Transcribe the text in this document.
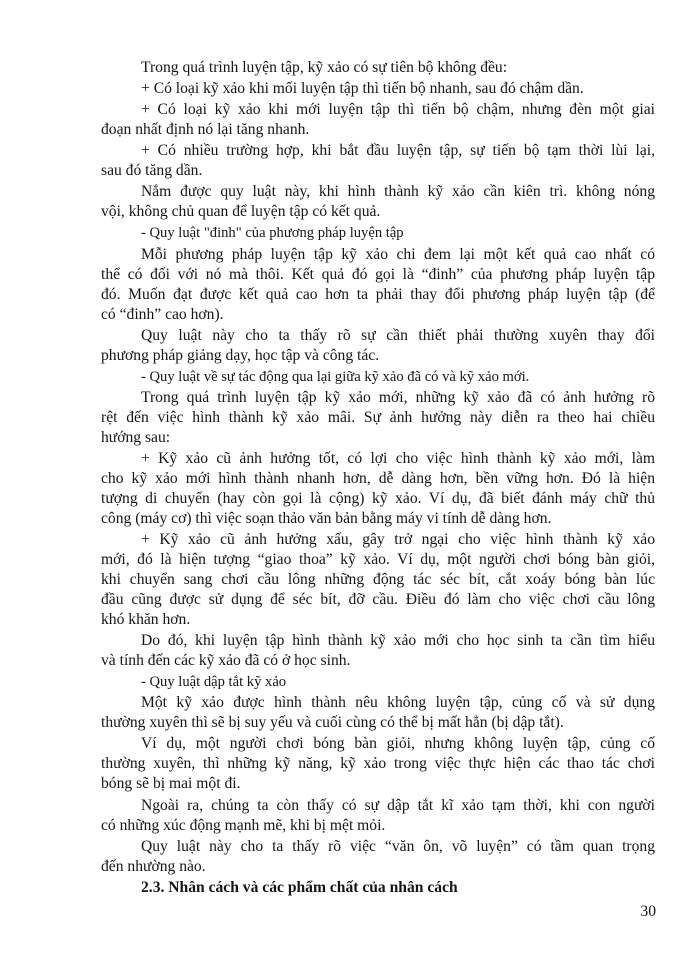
Trong quá trình luyện tập, kỹ xảo có sự tiên bộ không đều:
+ Có loại kỹ xảo khi mối luyện tập thì tiến bộ nhanh, sau đó chậm dần.
+ Có loại kỹ xảo khi mới luyện tập thì tiến bộ chậm, nhưng đèn một giai
đoạn nhất định nó lại tăng nhanh.
+ Có nhiều trường hợp, khi bắt đầu luyện tập, sự tiến bộ tạm thời lùi lại,
sau đó tăng dần.
Nắm được quy luật này, khi hình thành kỹ xảo cần kiên trì. không nóng
vội, không chủ quan để luyện tập có kết quả.
- Quy luật "đinh" của phương pháp luyện tập
Mỗi phương pháp luyện tập kỹ xảo chi đem lại một kết quả cao nhất có
thể có đối với nó mà thôi. Kết quả đó gọi là “đinh” của phương pháp luyện tập
đó. Muốn đạt được kết quả cao hơn ta phải thay đổi phương pháp luyện tập (để
có “đinh” cao hơn).
Quy luật này cho ta thấy rõ sự cần thiết phải thường xuyên thay đổi
phương pháp giảng dạy, học tập và công tác.
- Quy luật về sự tác động qua lại giữa kỹ xảo đã có và kỹ xảo mới.
Trong quá trình luyện tập kỹ xảo mới, những kỹ xảo đã có ảnh hưởng rõ
rệt đến việc hình thành kỹ xảo mâi. Sự ảnh hưởng này diễn ra theo hai chiều
hướng sau:
+ Kỹ xảo cũ ảnh hưởng tốt, có lợi cho việc hình thành kỹ xảo mới, làm
cho kỹ xảo mới hình thành nhanh hơn, dễ dàng hơn, bền vững hơn. Đó là hiện
tượng di chuyển (hay còn gọi là cộng) kỹ xảo. Ví dụ, đã biết đánh máy chữ thủ
công (máy cơ) thì việc soạn thảo văn bản bằng máy vi tính dễ dàng hơn.
+ Kỹ xảo cũ ảnh hưởng xấu, gây trở ngại cho việc hình thành kỹ xảo
mới, đó là hiện tượng “giao thoa” kỹ xảo. Ví dụ, một người chơi bóng bàn giỏi,
khi chuyển sang chơi cầu lông những động tác séc bít, cắt xoáy bóng bàn lúc
đầu cũng được sử dụng để séc bít, đỡ cầu. Điều đó làm cho việc chơi cầu lông
khó khăn hơn.
Do đó, khi luyện tập hình thành kỹ xảo mới cho học sinh ta cần tìm hiểu
và tính đến các kỹ xảo đã có ở học sinh.
- Quy luật dập tắt kỹ xảo
Một kỹ xảo được hình thành nêu không luyện tập, củng cố và sử dụng
thường xuyên thì sẽ bị suy yếu và cuối cùng có thể bị mất hẳn (bị dập tắt).
Ví dụ, một người chơi bóng bàn giỏi, nhưng không luyện tập, củng cố
thường xuyên, thì những kỹ năng, kỹ xảo trong việc thực hiện các thao tác chơi
bóng sẽ bị mai một đi.
Ngoài ra, chúng ta còn thấy có sự dập tắt kĩ xảo tạm thời, khi con người
có những xúc động mạnh mẽ, khi bị mệt mỏi.
Quy luật này cho ta thấy rõ việc “văn ôn, võ luyện” có tầm quan trọng
đến nhường nào.
2.3. Nhân cách và các phẩm chất của nhân cách
30
